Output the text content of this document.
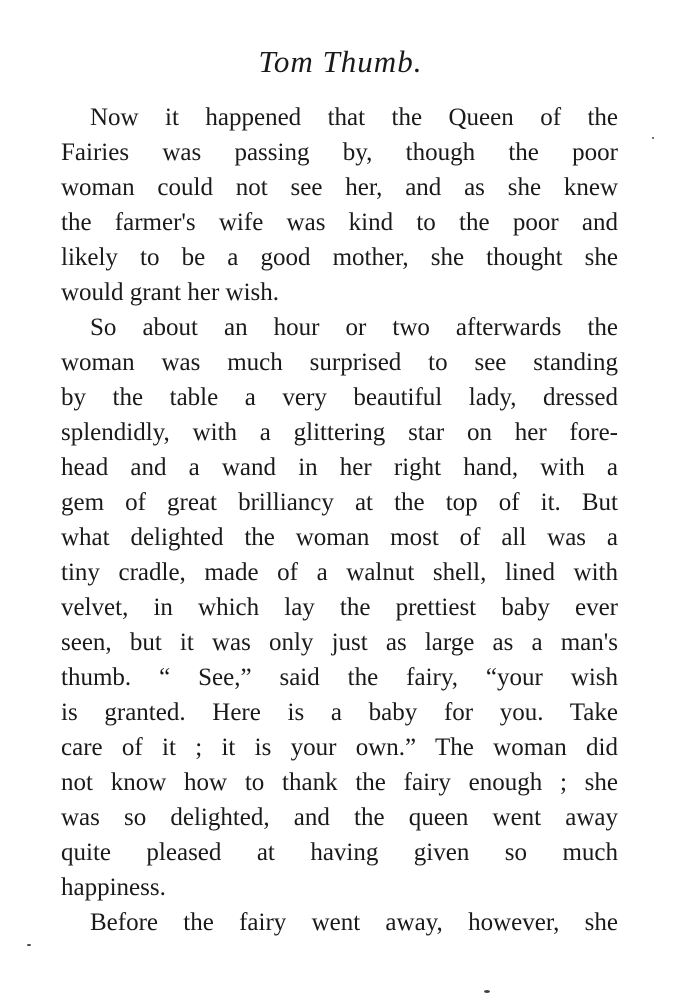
Tom Thumb.
Now it happened that the Queen of the
Fairies was passing by, though the poor
woman could not see her, and as she knew
the farmer's wife was kind to the poor and
likely to be a good mother, she thought she
would grant her wish.
So about an hour or two afterwards the
woman was much surprised to see standing
by the table a very beautiful lady, dressed
splendidly, with a glittering star on her fore-
head and a wand in her right hand, with a
gem of great brilliancy at the top of it. But
what delighted the woman most of all was a
tiny cradle, made of a walnut shell, lined with
velvet, in which lay the prettiest baby ever
seen, but it was only just as large as a man's
thumb. “ See,” said the fairy, “your wish
is granted. Here is a baby for you. Take
care of it ; it is your own.” The woman did
not know how to thank the fairy enough ; she
was so delighted, and the queen went away
quite pleased at having given so much
happiness.
Before the fairy went away, however, she
